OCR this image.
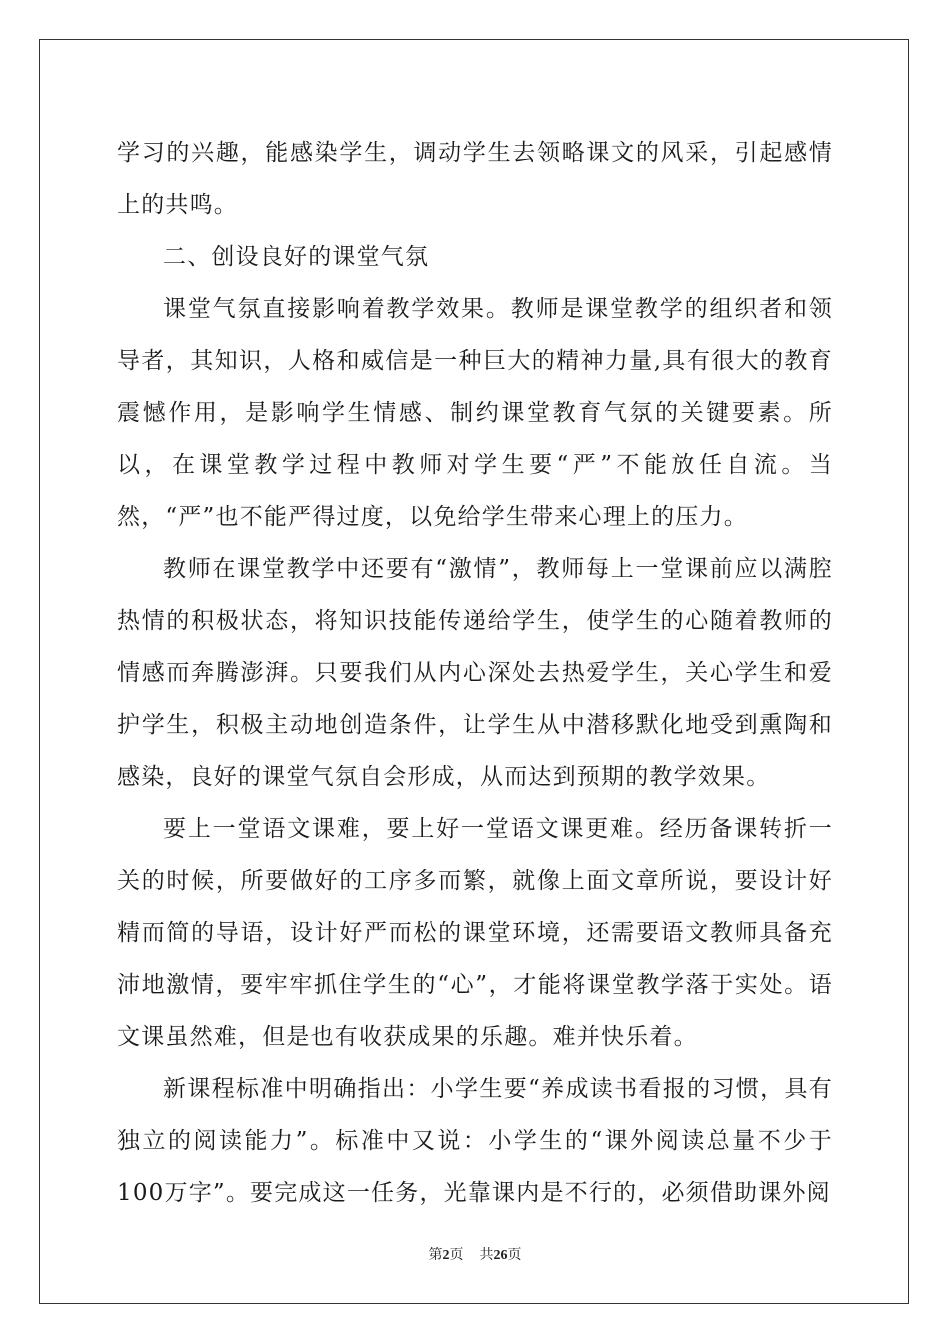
学习的兴趣，能感染学生，调动学生去领略课文的风采，引起感情上的共鸣。

二、创设良好的课堂气氛

课堂气氛直接影响着教学效果。教师是课堂教学的组织者和领导者，其知识，人格和威信是一种巨大的精神力量,具有很大的教育震憾作用，是影响学生情感、制约课堂教育气氛的关键要素。所以，在课堂教学过程中教师对学生要“严”不能放任自流。当然，“严”也不能严得过度，以免给学生带来心理上的压力。

教师在课堂教学中还要有“激情”，教师每上一堂课前应以满腔热情的积极状态，将知识技能传递给学生，使学生的心随着教师的情感而奔腾澎湃。只要我们从内心深处去热爱学生，关心学生和爱护学生，积极主动地创造条件，让学生从中潜移默化地受到熏陶和感染，良好的课堂气氛自会形成，从而达到预期的教学效果。

要上一堂语文课难，要上好一堂语文课更难。经历备课转折一关的时候，所要做好的工序多而繁，就像上面文章所说，要设计好精而简的导语，设计好严而松的课堂环境，还需要语文教师具备充沛地激情，要牢牢抓住学生的“心”，才能将课堂教学落于实处。语文课虽然难，但是也有收获成果的乐趣。难并快乐着。

新课程标准中明确指出：小学生要“养成读书看报的习惯，具有独立的阅读能力”。标准中又说：小学生的“课外阅读总量不少于100万字”。要完成这一任务，光靠课内是不行的，必须借助课外阅

第2页 共26页
